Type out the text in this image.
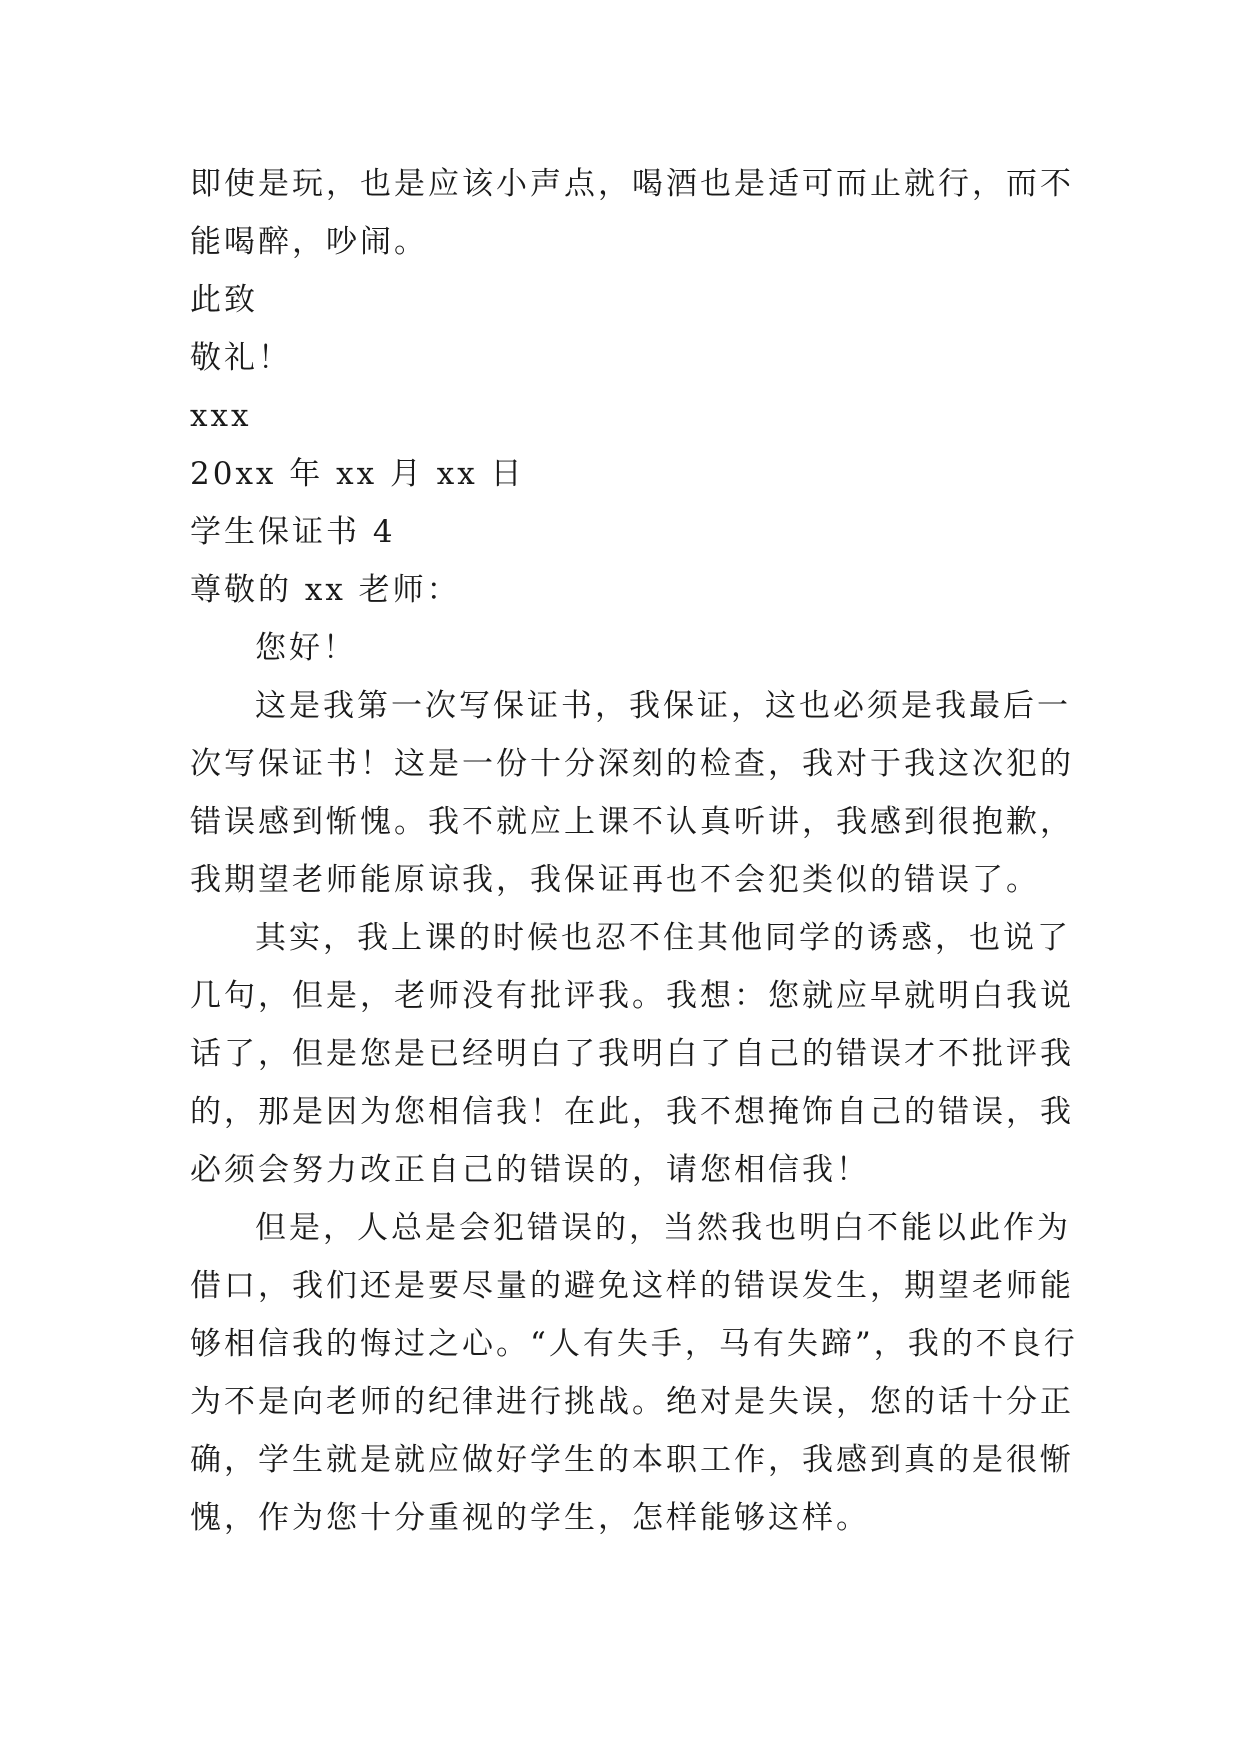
即使是玩，也是应该小声点，喝酒也是适可而止就行，而不
能喝醉，吵闹。
此致
敬礼！
xxx
20xx 年 xx 月 xx 日
学生保证书 4
尊敬的 xx 老师：
您好！
这是我第一次写保证书，我保证，这也必须是我最后一
次写保证书！这是一份十分深刻的检查，我对于我这次犯的
错误感到惭愧。我不就应上课不认真听讲，我感到很抱歉，
我期望老师能原谅我，我保证再也不会犯类似的错误了。
其实，我上课的时候也忍不住其他同学的诱惑，也说了
几句，但是，老师没有批评我。我想：您就应早就明白我说
话了，但是您是已经明白了我明白了自己的错误才不批评我
的，那是因为您相信我！在此，我不想掩饰自己的错误，我
必须会努力改正自己的错误的，请您相信我！
但是，人总是会犯错误的，当然我也明白不能以此作为
借口，我们还是要尽量的避免这样的错误发生，期望老师能
够相信我的悔过之心。“人有失手，马有失蹄”，我的不良行
为不是向老师的纪律进行挑战。绝对是失误，您的话十分正
确，学生就是就应做好学生的本职工作，我感到真的是很惭
愧，作为您十分重视的学生，怎样能够这样。
